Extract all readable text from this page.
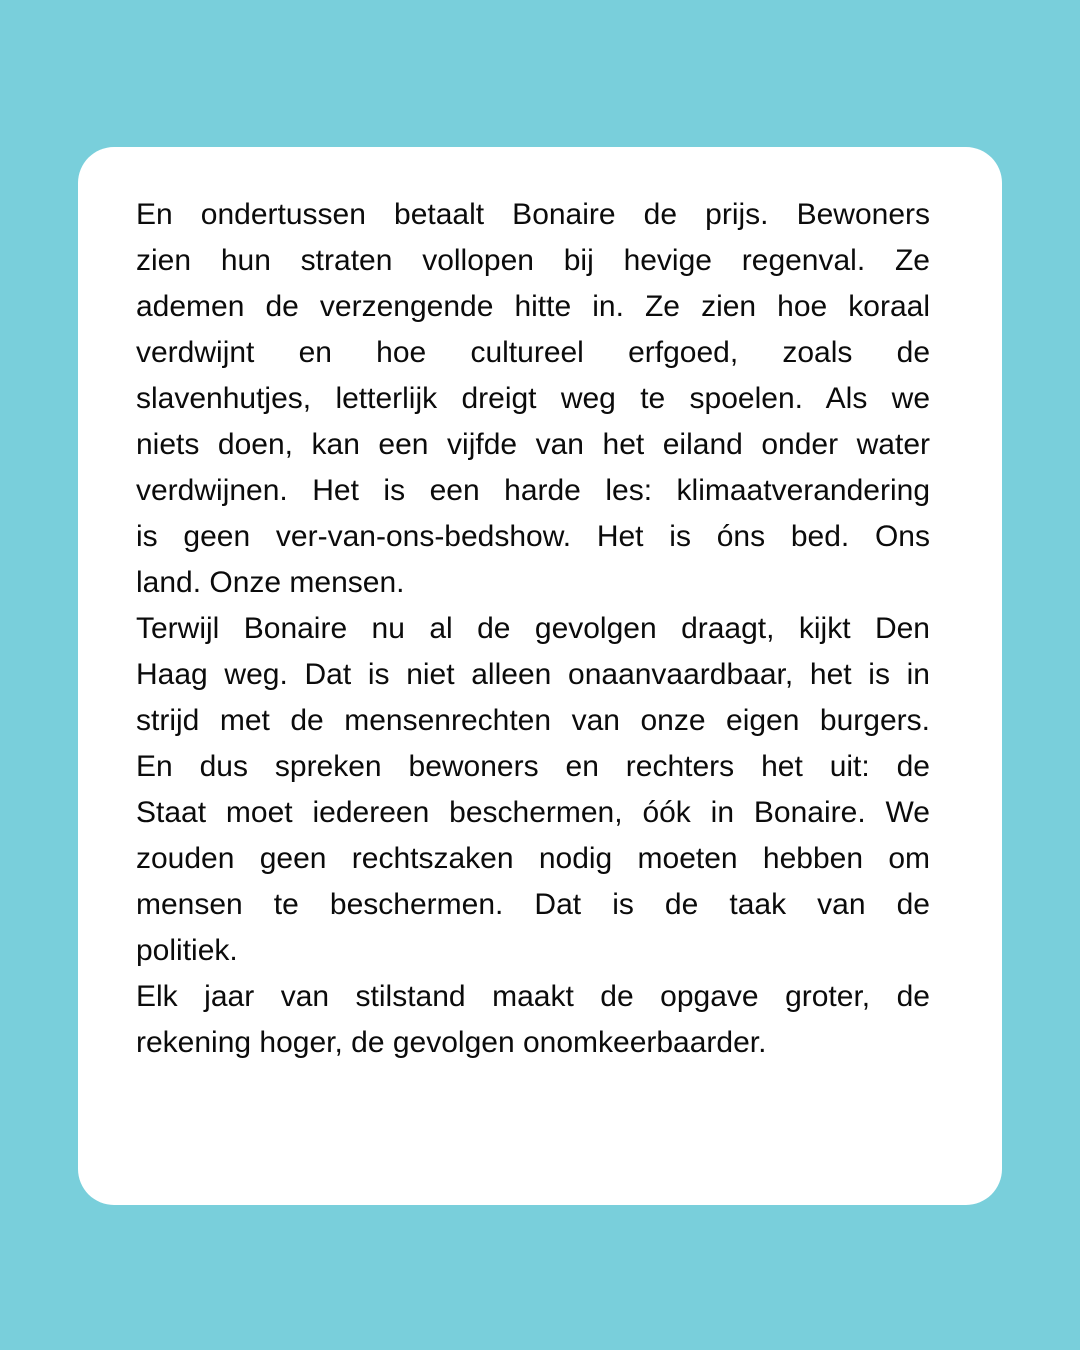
En ondertussen betaalt Bonaire de prijs. Bewoners
zien hun straten vollopen bij hevige regenval. Ze
ademen de verzengende hitte in. Ze zien hoe koraal
verdwijnt en hoe cultureel erfgoed, zoals de
slavenhutjes, letterlijk dreigt weg te spoelen. Als we
niets doen, kan een vijfde van het eiland onder water
verdwijnen. Het is een harde les: klimaatverandering
is geen ver-van-ons-bedshow. Het is óns bed. Ons
land. Onze mensen.
Terwijl Bonaire nu al de gevolgen draagt, kijkt Den
Haag weg. Dat is niet alleen onaanvaardbaar, het is in
strijd met de mensenrechten van onze eigen burgers.
En dus spreken bewoners en rechters het uit: de
Staat moet iedereen beschermen, óók in Bonaire. We
zouden geen rechtszaken nodig moeten hebben om
mensen te beschermen. Dat is de taak van de
politiek.
Elk jaar van stilstand maakt de opgave groter, de
rekening hoger, de gevolgen onomkeerbaarder.
